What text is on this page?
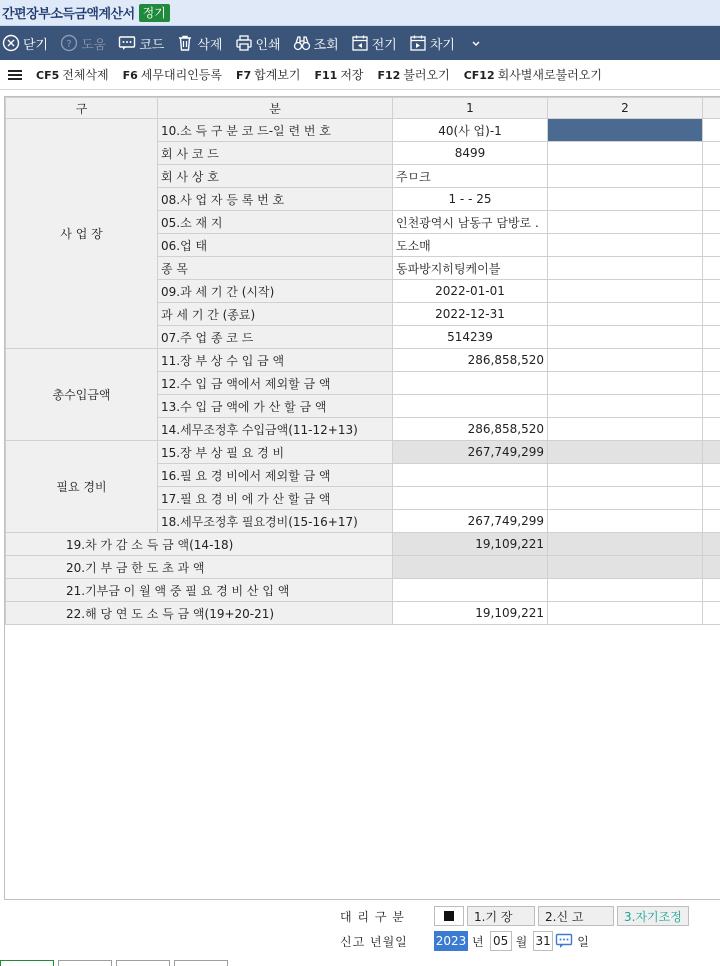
간편장부소득금액계산서 정기
닫기 ? 도움	코드	삭제	인쇄	조회	전기	차기
CF5 전체삭제 F6 세무대리인등록 F7 합계보기 F11 저장 F12 불러오기 CF12 회사별새로불러오기
구	분	1	2	
사 업 장	10.소 득 구 분 코 드-일 련 번 호	40(사 업)-1		
	회 사 코 드	8499		
	회 사 상 호	주ㅁ크		
	08.사 업 자 등 록 번 호	1 - - 25		
	05.소 재 지	인천광역시 남동구 담방로 .		
	06.업 태	도소매		
	종 목	동파방지히팅케이블		
	09.과 세 기 간 (시작)	2022-01-01		
	과 세 기 간 (종료)	2022-12-31		
	07.주 업 종 코 드	514239		
총수입금액	11.장 부 상 수 입 금 액	286,858,520		
	12.수 입 금 액에서 제외할 금 액			
	13.수 입 금 액에 가 산 할 금 액			
	14.세무조정후 수입금액(11-12+13)	286,858,520		
필요 경비	15.장 부 상 필 요 경 비	267,749,299		
	16.필 요 경 비에서 제외할 금 액			
	17.필 요 경 비 에 가 산 할 금 액			
	18.세무조정후 필요경비(15-16+17)	267,749,299		
19.차 가 감 소 득 금 액(14-18)		19,109,221		
20.기 부 금 한 도 초 과 액				
21.기부금 이 월 액 중 필 요 경 비 산 입 액				
22.해 당 연 도 소 득 금 액(19+20-21)		19,109,221		
대 리 구 분	1.기 장	2.신 고	3.자기조정
신고 년월일	2023 년 05 월 31 일
